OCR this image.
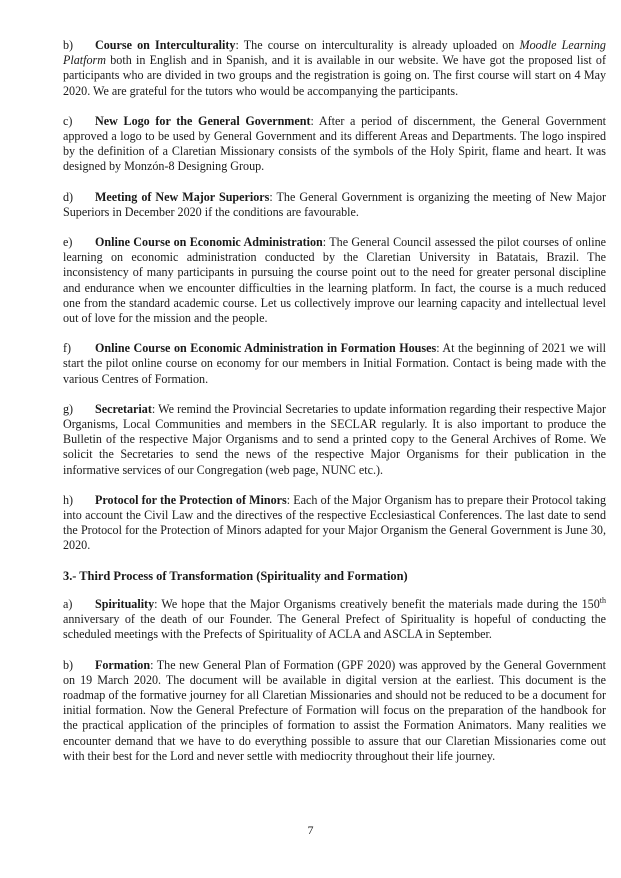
b) Course on Interculturality: The course on interculturality is already uploaded on Moodle Learning Platform both in English and in Spanish, and it is available in our website. We have got the proposed list of participants who are divided in two groups and the registration is going on. The first course will start on 4 May 2020. We are grateful for the tutors who would be accompanying the participants.

c) New Logo for the General Government: After a period of discernment, the General Government approved a logo to be used by General Government and its different Areas and Departments. The logo inspired by the definition of a Claretian Missionary consists of the symbols of the Holy Spirit, flame and heart. It was designed by Monzón-8 Designing Group.

d) Meeting of New Major Superiors: The General Government is organizing the meeting of New Major Superiors in December 2020 if the conditions are favourable.

e) Online Course on Economic Administration: The General Council assessed the pilot courses of online learning on economic administration conducted by the Claretian University in Batatais, Brazil. The inconsistency of many participants in pursuing the course point out to the need for greater personal discipline and endurance when we encounter difficulties in the learning platform. In fact, the course is a much reduced one from the standard academic course. Let us collectively improve our learning capacity and intellectual level out of love for the mission and the people.

f) Online Course on Economic Administration in Formation Houses: At the beginning of 2021 we will start the pilot online course on economy for our members in Initial Formation. Contact is being made with the various Centres of Formation.

g) Secretariat: We remind the Provincial Secretaries to update information regarding their respective Major Organisms, Local Communities and members in the SECLAR regularly. It is also important to produce the Bulletin of the respective Major Organisms and to send a printed copy to the General Archives of Rome. We solicit the Secretaries to send the news of the respective Major Organisms for their publication in the informative services of our Congregation (web page, NUNC etc.).

h) Protocol for the Protection of Minors: Each of the Major Organism has to prepare their Protocol taking into account the Civil Law and the directives of the respective Ecclesiastical Conferences. The last date to send the Protocol for the Protection of Minors adapted for your Major Organism the General Government is June 30, 2020.

3.- Third Process of Transformation (Spirituality and Formation)

a) Spirituality: We hope that the Major Organisms creatively benefit the materials made during the 150th anniversary of the death of our Founder. The General Prefect of Spirituality is hopeful of conducting the scheduled meetings with the Prefects of Spirituality of ACLA and ASCLA in September.

b) Formation: The new General Plan of Formation (GPF 2020) was approved by the General Government on 19 March 2020. The document will be available in digital version at the earliest. This document is the roadmap of the formative journey for all Claretian Missionaries and should not be reduced to be a document for initial formation. Now the General Prefecture of Formation will focus on the preparation of the handbook for the practical application of the principles of formation to assist the Formation Animators. Many realities we encounter demand that we have to do everything possible to assure that our Claretian Missionaries come out with their best for the Lord and never settle with mediocrity throughout their life journey.

7
